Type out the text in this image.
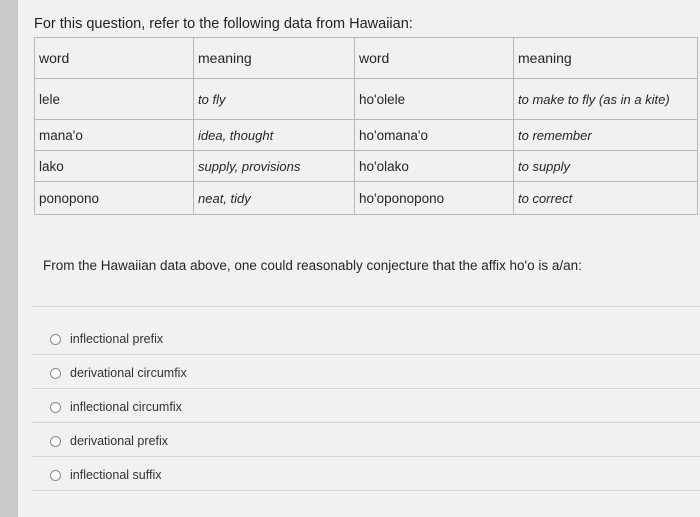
For this question, refer to the following data from Hawaiian:
word	meaning	word	meaning
lele	to fly	ho'olele	to make to fly (as in a kite)
mana'o	idea, thought	ho'omana'o	to remember
lako	supply, provisions	ho'olako	to supply
ponopono	neat, tidy	ho'oponopono	to correct
From the Hawaiian data above, one could reasonably conjecture that the affix ho'o is a/an:
inflectional prefix
derivational circumfix
inflectional circumfix
derivational prefix
inflectional suffix
